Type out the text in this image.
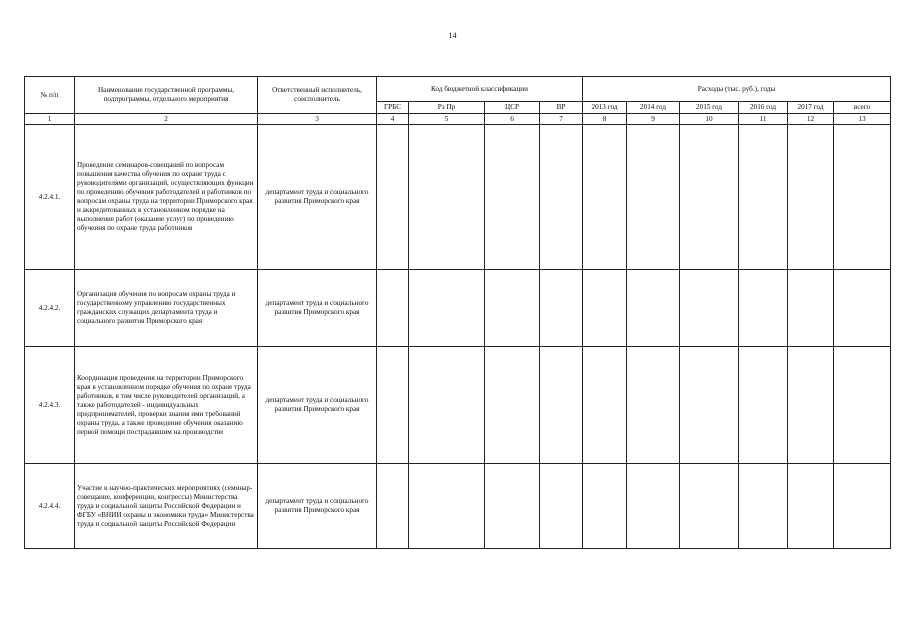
14
№ п/п	Наименование государственной программы, подпрограммы, отдельного мероприятия	Ответственный исполнитель, соисполнитель	Код бюджетной классификации				Расходы (тыс. руб.), годы					
			ГРБС	Рз Пр	ЦСР	ВР	2013 год	2014 год	2015 год	2016 год	2017 год	всего
1	2	3	4	5	6	7	8	9	10	11	12	13
4.2.4.1.	Проведение семинаров-совещаний по вопросам повышения качества обучения по охране труда с руководителями организаций, осуществляющих функции по проведению обучения работодателей и работников по вопросам охраны труда на территории Приморского края и аккредитованных в установленном порядке на выполнение работ (оказание услуг) по проведению обучения по охране труда работников	департамент труда и социального развития Приморского края										
4.2.4.2.	Организация обучения по вопросам охраны труда и государственному управлению государственных гражданских служащих департамента труда и социального развития Приморского края	департамент труда и социального развития Приморского края										
4.2.4.3.	Координация проведения на территории Приморского края в установленном порядке обучения по охране труда работников, в том числе руководителей организаций, а также работодателей - индивидуальных предпринимателей, проверки знания ими требований охраны труда, а также проведение обучения оказанию первой помощи пострадавшим на производстве	департамент труда и социального развития Приморского края										
4.2.4.4.	Участие в научно-практических мероприятиях (семинар-совещание, конференции, конгрессы) Министерства труда и социальной защиты Российской Федерации и ФГБУ «ВНИИ охраны и экономики труда» Министерства труда и социальной защиты Российской Федерации	департамент труда и социального развития Приморского края										
